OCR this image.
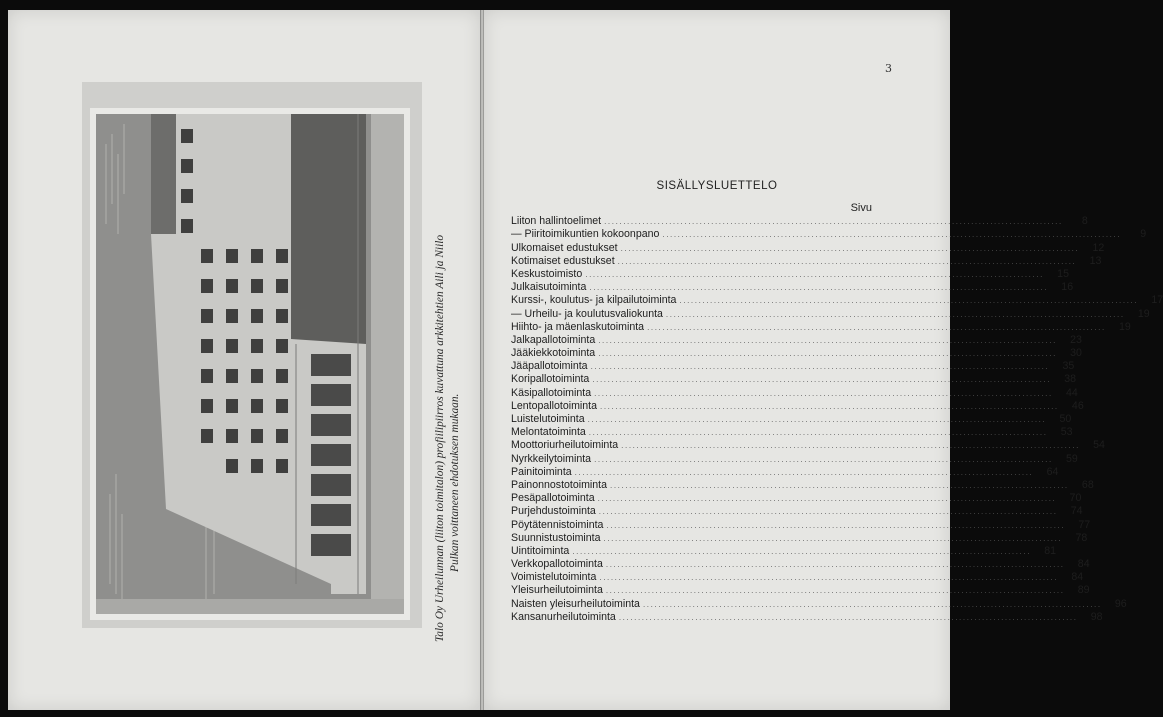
Talo Oy Urheilunnan (liiton toimitalon) profiilipiirros kuvattuna arkkitehtien Aili ja Niilo Pulkan voittaneen ehdotuksen mukaan.

3
SISÄLLYSLUETTELO
Sivu
Liiton hallintoelimet ........................................................................................................................	8
— Piiritoimikuntien kokoonpano ........................................................................................................................	9
Ulkomaiset edustukset ........................................................................................................................	12
Kotimaiset edustukset ........................................................................................................................	13
Keskustoimisto ........................................................................................................................	15
Julkaisutoiminta ........................................................................................................................	16
Kurssi-, koulutus- ja kilpailutoiminta ........................................................................................................................	17
— Urheilu- ja koulutusvaliokunta ........................................................................................................................	19
Hiihto- ja mäenlaskutoiminta ........................................................................................................................	19
Jalkapallotoiminta ........................................................................................................................	23
Jääkiekkotoiminta ........................................................................................................................	30
Jääpallotoiminta ........................................................................................................................	35
Koripallotoiminta ........................................................................................................................	38
Käsipallotoiminta ........................................................................................................................	44
Lentopallotoiminta ........................................................................................................................	46
Luistelutoiminta ........................................................................................................................	50
Melontatoiminta ........................................................................................................................	53
Moottoriurheilutoiminta ........................................................................................................................	54
Nyrkkeilytoiminta ........................................................................................................................	59
Painitoiminta ........................................................................................................................	64
Painonnostotoiminta ........................................................................................................................	68
Pesäpallotoiminta ........................................................................................................................	70
Purjehdustoiminta ........................................................................................................................	74
Pöytätennistoiminta ........................................................................................................................	77
Suunnistustoiminta ........................................................................................................................	78
Uintitoiminta ........................................................................................................................	81
Verkkopallotoiminta ........................................................................................................................	84
Voimistelutoiminta ........................................................................................................................	84
Yleisurheilutoiminta ........................................................................................................................	89
Naisten yleisurheilutoiminta ........................................................................................................................	96
Kansanurheilutoiminta ........................................................................................................................	98
